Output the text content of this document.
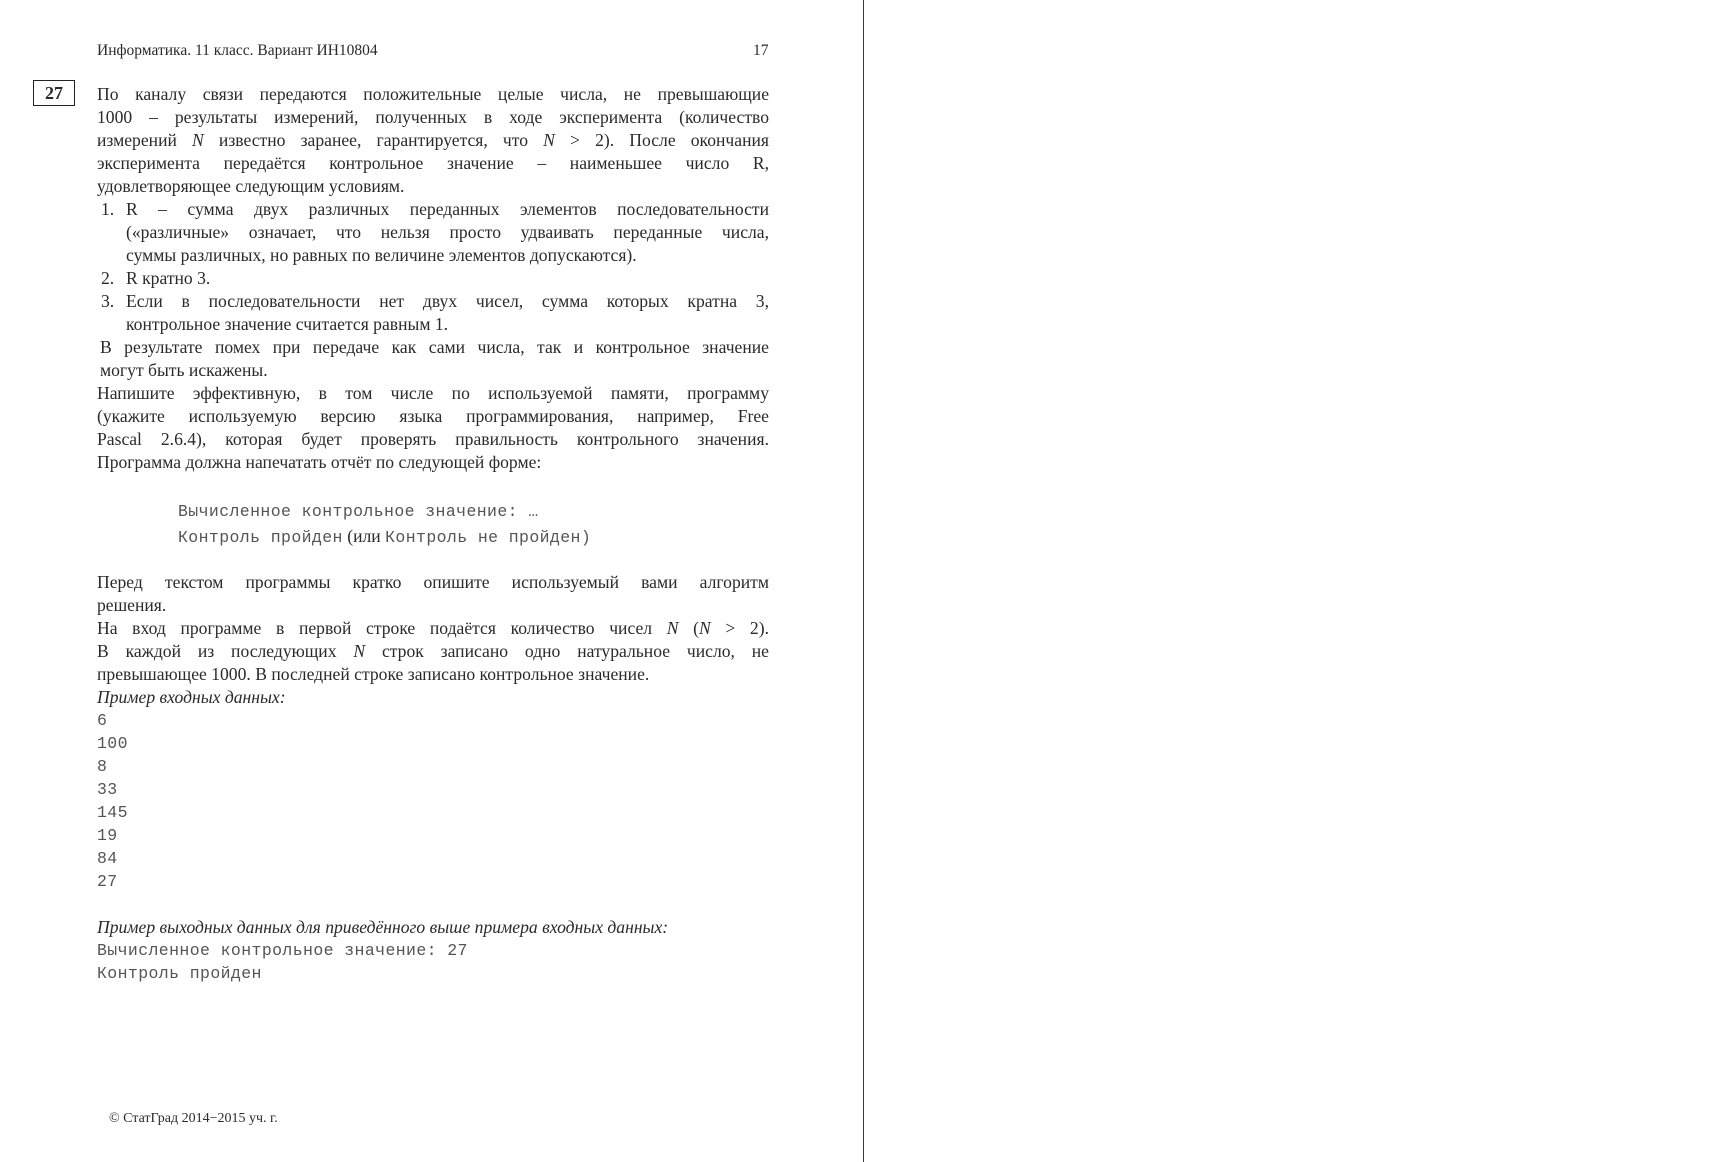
Информатика. 11 класс. Вариант ИН10804	17
27	По каналу связи передаются положительные целые числа, не превышающие
1000 – результаты измерений, полученных в ходе эксперимента (количество
измерений N известно заранее, гарантируется, что N > 2). После окончания
эксперимента передаётся контрольное значение – наименьшее число R,
удовлетворяющее следующим условиям.
1. R – сумма двух различных переданных элементов последовательности
(«различные» означает, что нельзя просто удваивать переданные числа,
суммы различных, но равных по величине элементов допускаются).
2. R кратно 3.
3. Если в последовательности нет двух чисел, сумма которых кратна 3,
контрольное значение считается равным 1.
В результате помех при передаче как сами числа, так и контрольное значение
могут быть искажены.
Напишите эффективную, в том числе по используемой памяти, программу
(укажите используемую версию языка программирования, например, Free
Pascal 2.6.4), которая будет проверять правильность контрольного значения.
Программа должна напечатать отчёт по следующей форме:
Вычисленное контрольное значение: …
Контроль пройден (или Контроль не пройден)
Перед текстом программы кратко опишите используемый вами алгоритм
решения.
На вход программе в первой строке подаётся количество чисел N (N > 2).
В каждой из последующих N строк записано одно натуральное число, не
превышающее 1000. В последней строке записано контрольное значение.
Пример входных данных:
6
100
8
33
145
19
84
27
Пример выходных данных для приведённого выше примера входных данных:
Вычисленное контрольное значение: 27
Контроль пройден
© СтатГрад 2014−2015 уч. г.
